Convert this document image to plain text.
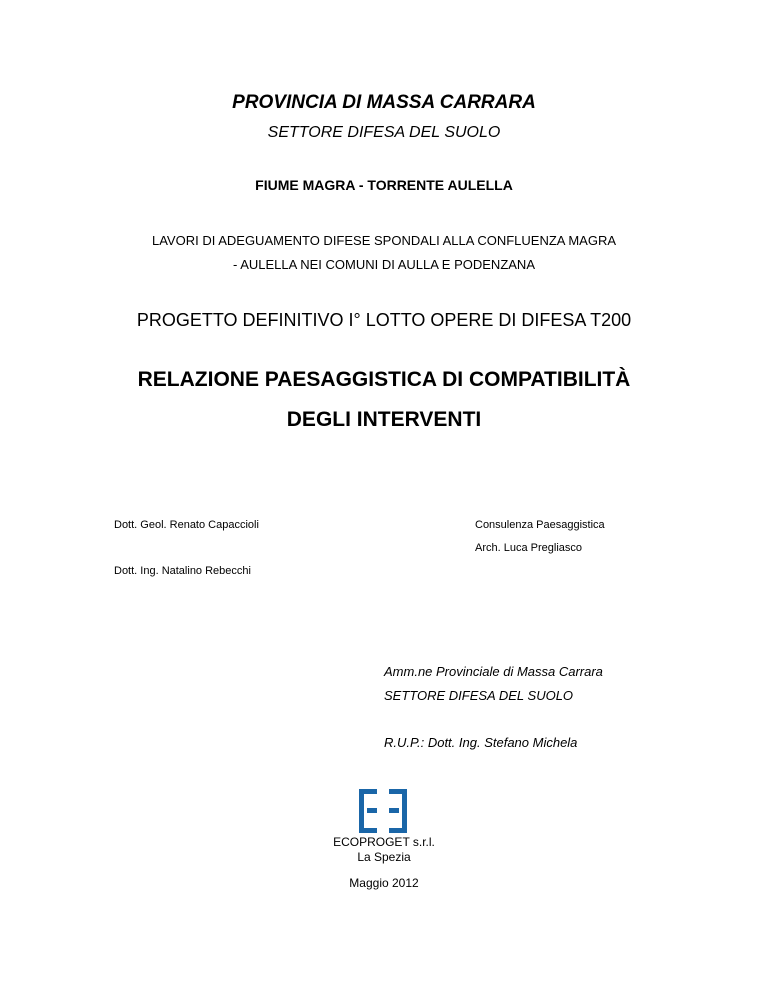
PROVINCIA DI MASSA CARRARA
SETTORE DIFESA DEL SUOLO
FIUME MAGRA - TORRENTE AULELLA
LAVORI DI ADEGUAMENTO DIFESE SPONDALI ALLA CONFLUENZA MAGRA
- AULELLA NEI COMUNI DI AULLA E PODENZANA
PROGETTO DEFINITIVO I° LOTTO OPERE DI DIFESA T200
RELAZIONE PAESAGGISTICA DI COMPATIBILITÀ
DEGLI INTERVENTI
Dott. Geol. Renato Capaccioli	Consulenza Paesaggistica
Arch. Luca Pregliasco
Dott. Ing. Natalino Rebecchi
Amm.ne Provinciale di Massa Carrara
SETTORE DIFESA DEL SUOLO
R.U.P.: Dott. Ing. Stefano Michela
ECOPROGET s.r.l.
La Spezia
Maggio 2012
